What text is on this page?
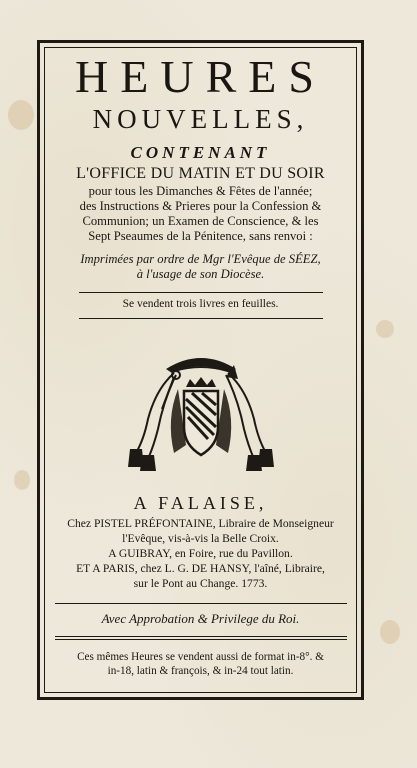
HEURES
NOUVELLES,
CONTENANT
L'OFFICE DU MATIN ET DU SOIR
pour tous les Dimanches & Fêtes de l'année;
des Instructions & Prieres pour la Confession &
Communion; un Examen de Conscience, & les
Sept Pseaumes de la Pénitence, sans renvoi :
Imprimées par ordre de Mgr l'Evêque de SÉEZ,
à l'usage de son Diocèse.
Se vendent trois livres en feuilles.
A FALAISE,
Chez PISTEL PRÉFONTAINE, Libraire de Monseigneur
l'Evêque, vis-à-vis la Belle Croix.
A GUIBRAY, en Foire, rue du Pavillon.
ET A PARIS, chez L. G. DE HANSY, l'aîné, Libraire,
sur le Pont au Change. 1773.
Avec Approbation & Privilege du Roi.
Ces mêmes Heures se vendent aussi de format in-8°. &
in-18, latin & françois, & in-24 tout latin.
